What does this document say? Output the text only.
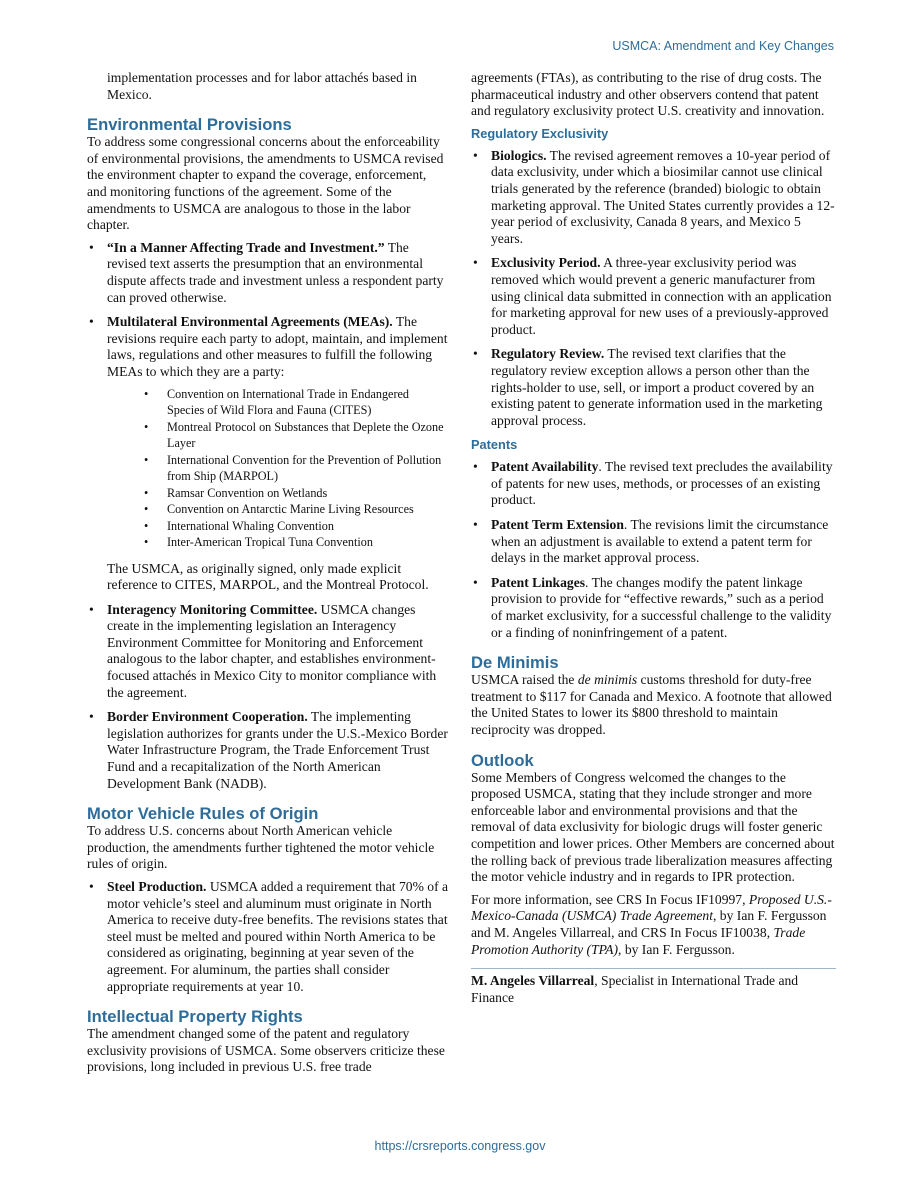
USMCA: Amendment and Key Changes

implementation processes and for labor attachés based in Mexico.

Environmental Provisions

To address some congressional concerns about the enforceability of environmental provisions, the amendments to USMCA revised the environment chapter to expand the coverage, enforcement, and monitoring functions of the agreement. Some of the amendments to USMCA are analogous to those in the labor chapter.

• “In a Manner Affecting Trade and Investment.” The revised text asserts the presumption that an environmental dispute affects trade and investment unless a respondent party can proved otherwise.
• Multilateral Environmental Agreements (MEAs). The revisions require each party to adopt, maintain, and implement laws, regulations and other measures to fulfill the following MEAs to which they are a party:
• Convention on International Trade in Endangered Species of Wild Flora and Fauna (CITES)
• Montreal Protocol on Substances that Deplete the Ozone Layer
• International Convention for the Prevention of Pollution from Ship (MARPOL)
• Ramsar Convention on Wetlands
• Convention on Antarctic Marine Living Resources
• International Whaling Convention
• Inter-American Tropical Tuna Convention

The USMCA, as originally signed, only made explicit reference to CITES, MARPOL, and the Montreal Protocol.

• Interagency Monitoring Committee. USMCA changes create in the implementing legislation an Interagency Environment Committee for Monitoring and Enforcement analogous to the labor chapter, and establishes environment-focused attachés in Mexico City to monitor compliance with the agreement.
• Border Environment Cooperation. The implementing legislation authorizes for grants under the U.S.-Mexico Border Water Infrastructure Program, the Trade Enforcement Trust Fund and a recapitalization of the North American Development Bank (NADB).
Motor Vehicle Rules of Origin

To address U.S. concerns about North American vehicle production, the amendments further tightened the motor vehicle rules of origin.

• Steel Production. USMCA added a requirement that 70% of a motor vehicle’s steel and aluminum must originate in North America to receive duty-free benefits. The revisions states that steel must be melted and poured within North America to be considered as originating, beginning at year seven of the agreement. For aluminum, the parties shall consider appropriate requirements at year 10.
Intellectual Property Rights

The amendment changed some of the patent and regulatory exclusivity provisions of USMCA. Some observers criticize these provisions, long included in previous U.S. free trade

agreements (FTAs), as contributing to the rise of drug costs. The pharmaceutical industry and other observers contend that patent and regulatory exclusivity protect U.S. creativity and innovation.

Regulatory Exclusivity
• Biologics. The revised agreement removes a 10-year period of data exclusivity, under which a biosimilar cannot use clinical trials generated by the reference (branded) biologic to obtain marketing approval. The United States currently provides a 12-year period of exclusivity, Canada 8 years, and Mexico 5 years.
• Exclusivity Period. A three-year exclusivity period was removed which would prevent a generic manufacturer from using clinical data submitted in connection with an application for marketing approval for new uses of a previously-approved product.
• Regulatory Review. The revised text clarifies that the regulatory review exception allows a person other than the rights-holder to use, sell, or import a product covered by an existing patent to generate information used in the marketing approval process.
Patents
• Patent Availability. The revised text precludes the availability of patents for new uses, methods, or processes of an existing product.
• Patent Term Extension. The revisions limit the circumstance when an adjustment is available to extend a patent term for delays in the market approval process.
• Patent Linkages. The changes modify the patent linkage provision to provide for “effective rewards,” such as a period of market exclusivity, for a successful challenge to the validity or a finding of noninfringement of a patent.
De Minimis

USMCA raised the de minimis customs threshold for duty-free treatment to $117 for Canada and Mexico. A footnote that allowed the United States to lower its $800 threshold to maintain reciprocity was dropped.

Outlook

Some Members of Congress welcomed the changes to the proposed USMCA, stating that they include stronger and more enforceable labor and environmental provisions and that the removal of data exclusivity for biologic drugs will foster generic competition and lower prices. Other Members are concerned about the rolling back of previous trade liberalization measures affecting the motor vehicle industry and in regards to IPR protection.

For more information, see CRS In Focus IF10997, Proposed U.S.-Mexico-Canada (USMCA) Trade Agreement, by Ian F. Fergusson and M. Angeles Villarreal, and CRS In Focus IF10038, Trade Promotion Authority (TPA), by Ian F. Fergusson.

M. Angeles Villarreal, Specialist in International Trade and Finance

https://crsreports.congress.gov
